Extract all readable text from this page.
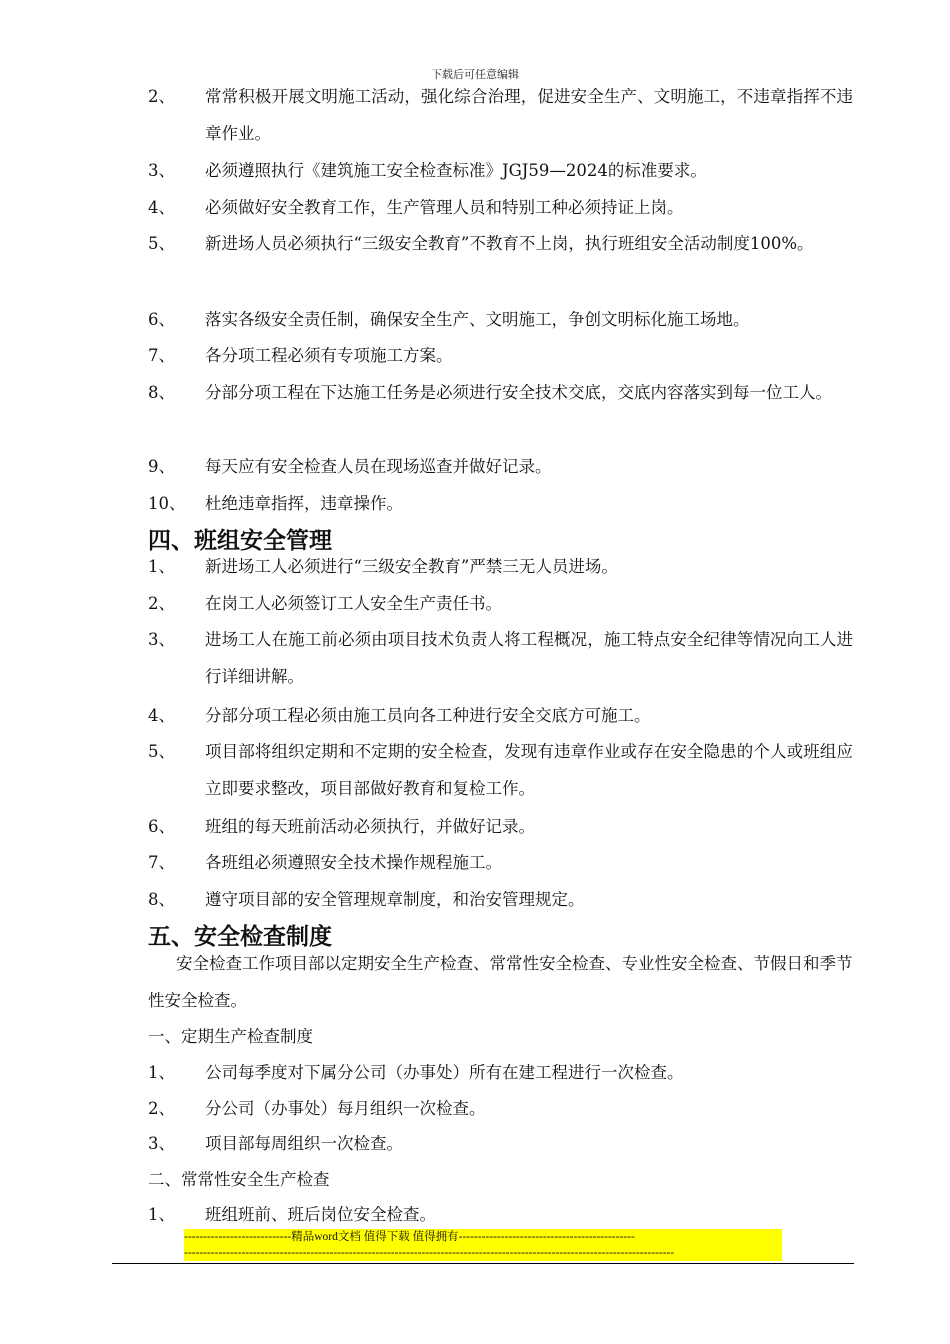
下载后可任意编辑
2、	常常积极开展文明施工活动，强化综合治理，促进安全生产、文明施工，不违章指挥不违章作业。
3、	必须遵照执行《建筑施工安全检查标准》JGJ59—2024的标准要求。
4、	必须做好安全教育工作，生产管理人员和特别工种必须持证上岗。
5、	新进场人员必须执行“三级安全教育”不教育不上岗，执行班组安全活动制度100%。
6、	落实各级安全责任制，确保安全生产、文明施工，争创文明标化施工场地。
7、	各分项工程必须有专项施工方案。
8、	分部分项工程在下达施工任务是必须进行安全技术交底，交底内容落实到每一位工人。
9、	每天应有安全检查人员在现场巡查并做好记录。
10、	杜绝违章指挥，违章操作。
四、班组安全管理
1、	新进场工人必须进行“三级安全教育”严禁三无人员进场。
2、	在岗工人必须签订工人安全生产责任书。
3、	进场工人在施工前必须由项目技术负责人将工程概况，施工特点安全纪律等情况向工人进行详细讲解。
4、	分部分项工程必须由施工员向各工种进行安全交底方可施工。
5、	项目部将组织定期和不定期的安全检查，发现有违章作业或存在安全隐患的个人或班组应立即要求整改，项目部做好教育和复检工作。
6、	班组的每天班前活动必须执行，并做好记录。
7、	各班组必须遵照安全技术操作规程施工。
8、	遵守项目部的安全管理规章制度，和治安管理规定。
五、安全检查制度
安全检查工作项目部以定期安全生产检查、常常性安全检查、专业性安全检查、节假日和季节性安全检查。
一、定期生产检查制度
1、	公司每季度对下属分公司（办事处）所有在建工程进行一次检查。
2、	分公司（办事处）每月组织一次检查。
3、	项目部每周组织一次检查。
二、常常性安全生产检查
1、	班组班前、班后岗位安全检查。
----------------------------精品word文档 值得下载 值得拥有----------------------------------------------
--------------------------------------------------------------------------------------------------------------------------------
